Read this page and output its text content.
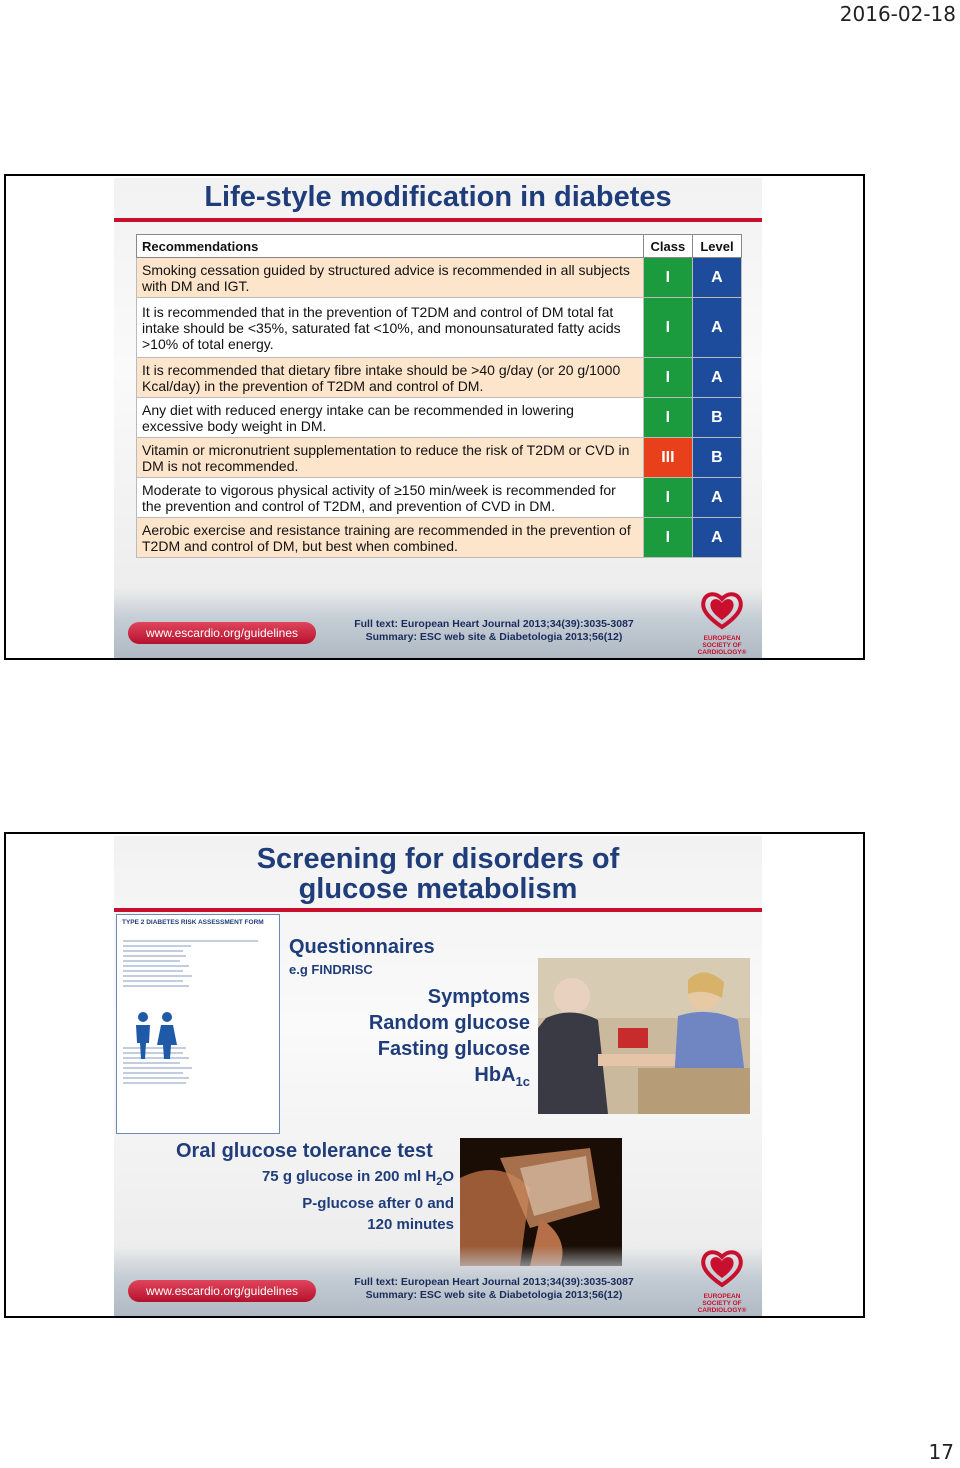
2016-02-18
Life-style modification in diabetes
Recommendations	Class	Level
Smoking cessation guided by structured advice is recommended in all subjects with DM and IGT.	I	A
It is recommended that in the prevention of T2DM and control of DM total fat intake should be <35%, saturated fat <10%, and monounsaturated fatty acids >10% of total energy.	I	A
It is recommended that dietary fibre intake should be >40 g/day (or 20 g/1000 Kcal/day) in the prevention of T2DM and control of DM.	I	A
Any diet with reduced energy intake can be recommended in lowering excessive body weight in DM.	I	B
Vitamin or micronutrient supplementation to reduce the risk of T2DM or CVD in DM is not recommended.	III	B
Moderate to vigorous physical activity of ≥150 min/week is recommended for the prevention and control of T2DM, and prevention of CVD in DM.	I	A
Aerobic exercise and resistance training are recommended in the prevention of T2DM and control of DM, but best when combined.	I	A
www.escardio.org/guidelines
Full text: European Heart Journal 2013;34(39):3035-3087
Summary: ESC web site & Diabetologia 2013;56(12)	EUROPEAN SOCIETY OF CARDIOLOGY®
Screening for disorders of
glucose metabolism
TYPE 2 DIABETES RISK ASSESSMENT FORM
Questionnaires
e.g FINDRISC
Symptoms
Random glucose
Fasting glucose
HbA$_{1c}$
Oral glucose tolerance test
75 g glucose in 200 ml $H_2O$
P-glucose after 0 and
120 minutes
www.escardio.org/guidelines
Full text: European Heart Journal 2013;34(39):3035-3087
Summary: ESC web site & Diabetologia 2013;56(12)	EUROPEAN SOCIETY OF CARDIOLOGY®
17
